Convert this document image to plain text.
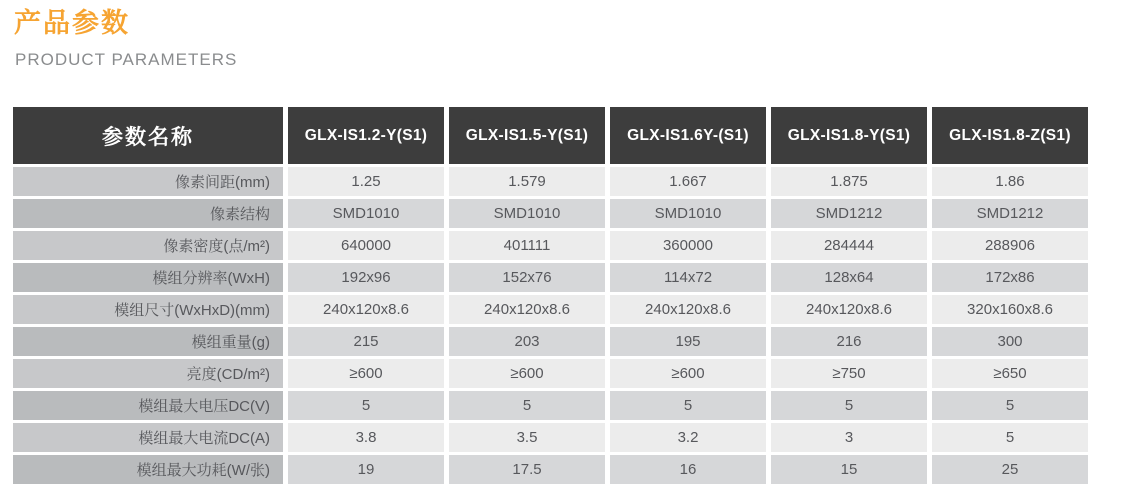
产品参数
PRODUCT PARAMETERS
参数名称	GLX-IS1.2-Y(S1)	GLX-IS1.5-Y(S1)	GLX-IS1.6Y-(S1)	GLX-IS1.8-Y(S1)	GLX-IS1.8-Z(S1)
像素间距(mm)	1.25	1.579	1.667	1.875	1.86
像素结构	SMD1010	SMD1010	SMD1010	SMD1212	SMD1212
像素密度(点/m²)	640000	401111	360000	284444	288906
模组分辨率(WxH)	192x96	152x76	114x72	128x64	172x86
模组尺寸(WxHxD)(mm)	240x120x8.6	240x120x8.6	240x120x8.6	240x120x8.6	320x160x8.6
模组重量(g)	215	203	195	216	300
亮度(CD/m²)	≥600	≥600	≥600	≥750	≥650
模组最大电压DC(V)	5	5	5	5	5
模组最大电流DC(A)	3.8	3.5	3.2	3	5
模组最大功耗(W/张)	19	17.5	16	15	25
